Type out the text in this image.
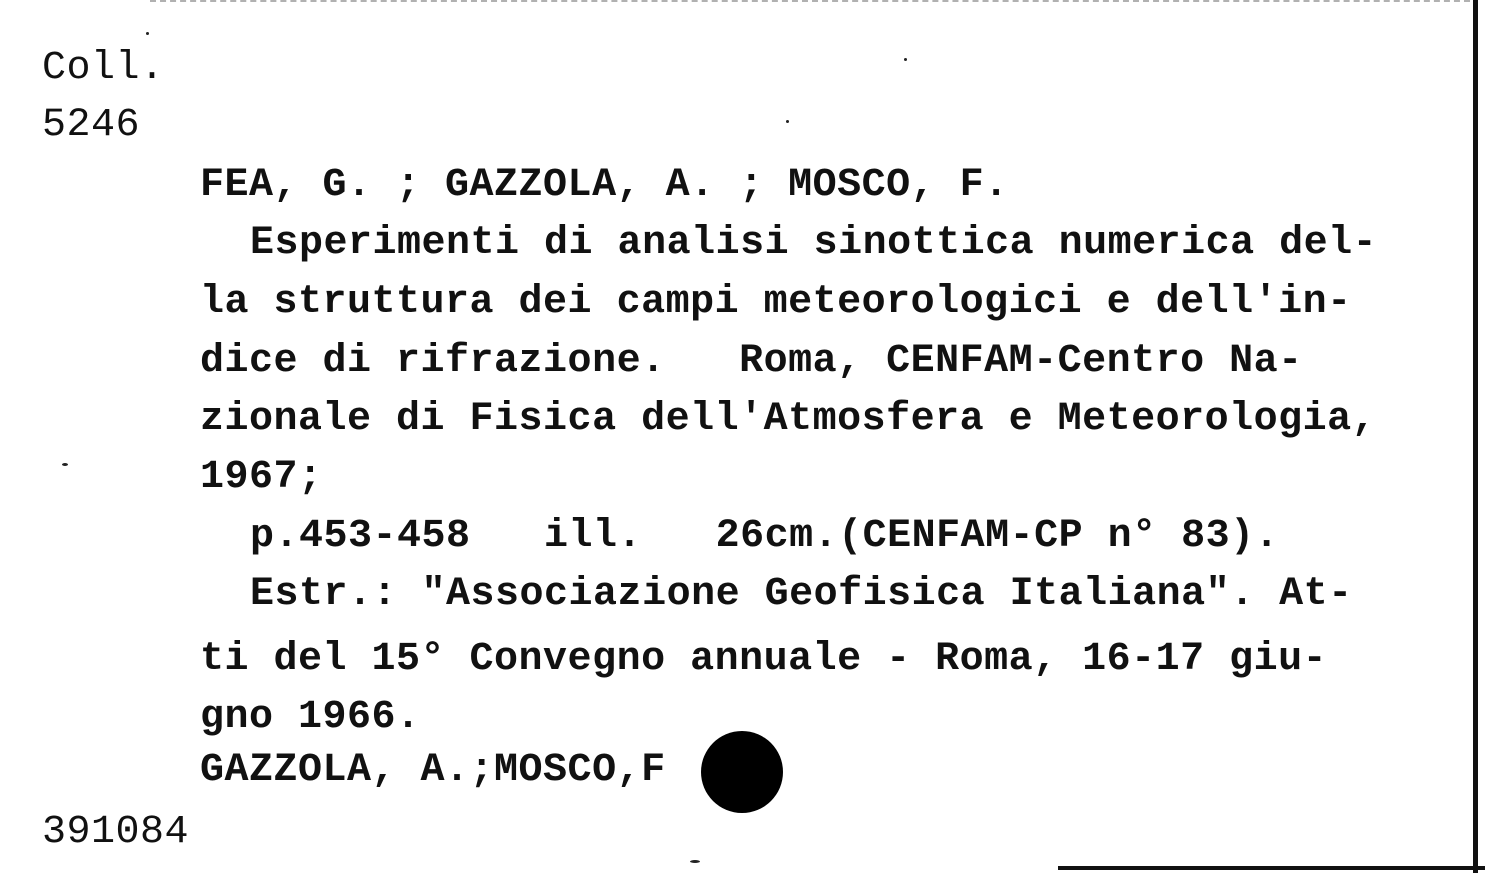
Coll.
5246
FEA, G. ; GAZZOLA, A. ; MOSCO, F.
Esperimenti di analisi sinottica numerica del-
la struttura dei campi meteorologici e dell'in-
dice di rifrazione.   Roma, CENFAM-Centro Na-
zionale di Fisica dell'Atmosfera e Meteorologia,
1967;
p.453-458   ill.   26cm.(CENFAM-CP n° 83).
Estr.: "Associazione Geofisica Italiana". At-
ti del 15° Convegno annuale - Roma, 16-17 giu-
gno 1966.
GAZZOLA, A.;MOSCO,F
391084
